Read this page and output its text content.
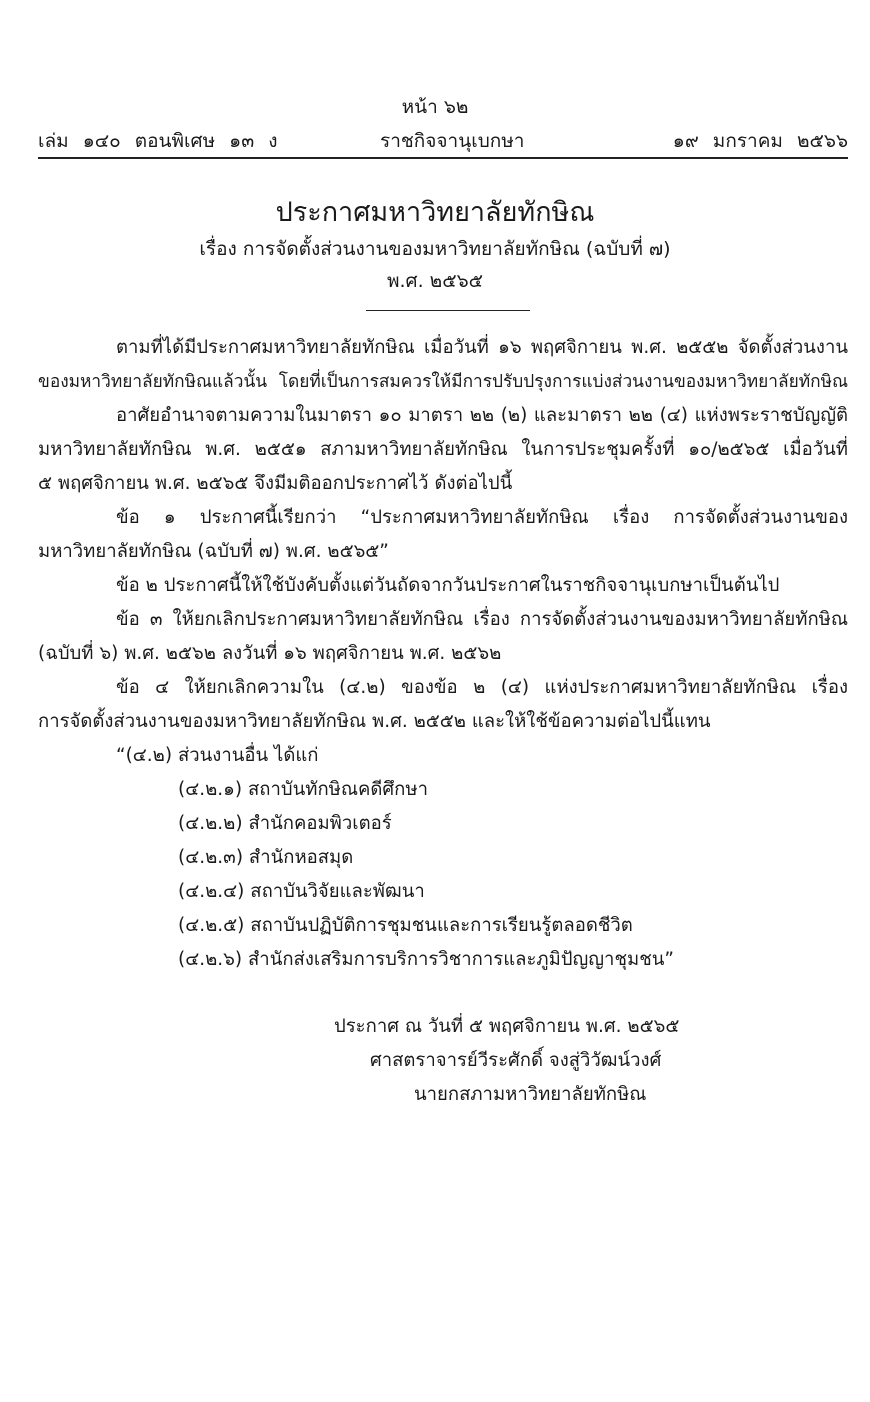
หน้า ๖๒
เล่ม ๑๔๐ ตอนพิเศษ ๑๓ ง	ราชกิจจานุเบกษา	๑๙ มกราคม ๒๕๖๖
ประกาศมหาวิทยาลัยทักษิณ
เรื่อง การจัดตั้งส่วนงานของมหาวิทยาลัยทักษิณ (ฉบับที่ ๗)
พ.ศ. ๒๕๖๕
ตามที่ได้มีประกาศมหาวิทยาลัยทักษิณ เมื่อวันที่ ๑๖ พฤศจิกายน พ.ศ. ๒๕๕๒ จัดตั้งส่วนงาน
ของมหาวิทยาลัยทักษิณแล้วนั้น โดยที่เป็นการสมควรให้มีการปรับปรุงการแบ่งส่วนงานของมหาวิทยาลัยทักษิณ
อาศัยอำนาจตามความในมาตรา ๑๐ มาตรา ๒๒ (๒) และมาตรา ๒๒ (๔) แห่งพระราชบัญญัติ
มหาวิทยาลัยทักษิณ พ.ศ. ๒๕๕๑ สภามหาวิทยาลัยทักษิณ ในการประชุมครั้งที่ ๑๐/๒๕๖๕ เมื่อวันที่
๕ พฤศจิกายน พ.ศ. ๒๕๖๕ จึงมีมติออกประกาศไว้ ดังต่อไปนี้
ข้อ ๑ ประกาศนี้เรียกว่า “ประกาศมหาวิทยาลัยทักษิณ เรื่อง การจัดตั้งส่วนงานของ
มหาวิทยาลัยทักษิณ (ฉบับที่ ๗) พ.ศ. ๒๕๖๕”
ข้อ ๒ ประกาศนี้ให้ใช้บังคับตั้งแต่วันถัดจากวันประกาศในราชกิจจานุเบกษาเป็นต้นไป
ข้อ ๓ ให้ยกเลิกประกาศมหาวิทยาลัยทักษิณ เรื่อง การจัดตั้งส่วนงานของมหาวิทยาลัยทักษิณ
(ฉบับที่ ๖) พ.ศ. ๒๕๖๒ ลงวันที่ ๑๖ พฤศจิกายน พ.ศ. ๒๕๖๒
ข้อ ๔ ให้ยกเลิกความใน (๔.๒) ของข้อ ๒ (๔) แห่งประกาศมหาวิทยาลัยทักษิณ เรื่อง
การจัดตั้งส่วนงานของมหาวิทยาลัยทักษิณ พ.ศ. ๒๕๕๒ และให้ใช้ข้อความต่อไปนี้แทน
“(๔.๒) ส่วนงานอื่น ได้แก่
(๔.๒.๑) สถาบันทักษิณคดีศึกษา
(๔.๒.๒) สำนักคอมพิวเตอร์
(๔.๒.๓) สำนักหอสมุด
(๔.๒.๔) สถาบันวิจัยและพัฒนา
(๔.๒.๕) สถาบันปฏิบัติการชุมชนและการเรียนรู้ตลอดชีวิต
(๔.๒.๖) สำนักส่งเสริมการบริการวิชาการและภูมิปัญญาชุมชน”
ประกาศ ณ วันที่ ๕ พฤศจิกายน พ.ศ. ๒๕๖๕
ศาสตราจารย์วีระศักดิ์ จงสู่วิวัฒน์วงศ์
นายกสภามหาวิทยาลัยทักษิณ
